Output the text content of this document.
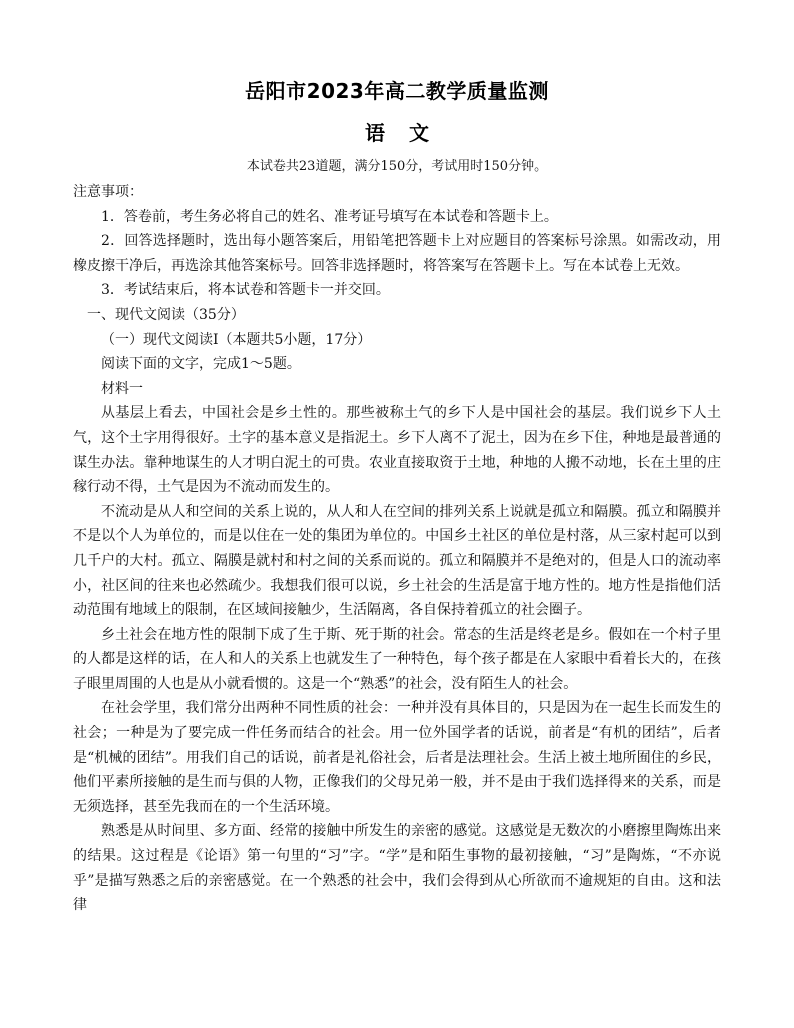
岳阳市2023年高二教学质量监测
语文
本试卷共23道题，满分150分，考试用时150分钟。

注意事项：

1．答卷前，考生务必将自己的姓名、准考证号填写在本试卷和答题卡上。

2．回答选择题时，选出每小题答案后，用铅笔把答题卡上对应题目的答案标号涂黑。如需改动，用橡皮擦干净后，再选涂其他答案标号。回答非选择题时，将答案写在答题卡上。写在本试卷上无效。

3．考试结束后，将本试卷和答题卡一并交回。

一、现代文阅读（35分）

（一）现代文阅读I（本题共5小题，17分）

阅读下面的文字，完成1～5题。

材料一

从基层上看去，中国社会是乡土性的。那些被称土气的乡下人是中国社会的基层。我们说乡下人土气，这个土字用得很好。土字的基本意义是指泥土。乡下人离不了泥土，因为在乡下住，种地是最普通的谋生办法。靠种地谋生的人才明白泥土的可贵。农业直接取资于土地，种地的人搬不动地，长在土里的庄稼行动不得，土气是因为不流动而发生的。

不流动是从人和空间的关系上说的，从人和人在空间的排列关系上说就是孤立和隔膜。孤立和隔膜并不是以个人为单位的，而是以住在一处的集团为单位的。中国乡土社区的单位是村落，从三家村起可以到几千户的大村。孤立、隔膜是就村和村之间的关系而说的。孤立和隔膜并不是绝对的，但是人口的流动率小，社区间的往来也必然疏少。我想我们很可以说，乡土社会的生活是富于地方性的。地方性是指他们活动范围有地域上的限制，在区域间接触少，生活隔离，各自保持着孤立的社会圈子。

乡土社会在地方性的限制下成了生于斯、死于斯的社会。常态的生活是终老是乡。假如在一个村子里的人都是这样的话，在人和人的关系上也就发生了一种特色，每个孩子都是在人家眼中看着长大的，在孩子眼里周围的人也是从小就看惯的。这是一个“熟悉”的社会，没有陌生人的社会。

在社会学里，我们常分出两种不同性质的社会：一种并没有具体目的，只是因为在一起生长而发生的社会；一种是为了要完成一件任务而结合的社会。用一位外国学者的话说，前者是“有机的团结”，后者是“机械的团结”。用我们自己的话说，前者是礼俗社会，后者是法理社会。生活上被土地所囿住的乡民，他们平素所接触的是生而与俱的人物，正像我们的父母兄弟一般，并不是由于我们选择得来的关系，而是无须选择，甚至先我而在的一个生活环境。

熟悉是从时间里、多方面、经常的接触中所发生的亲密的感觉。这感觉是无数次的小磨擦里陶炼出来的结果。这过程是《论语》第一句里的“习”字。“学”是和陌生事物的最初接触，“习”是陶炼，“不亦说乎”是描写熟悉之后的亲密感觉。在一个熟悉的社会中，我们会得到从心所欲而不逾规矩的自由。这和法律
